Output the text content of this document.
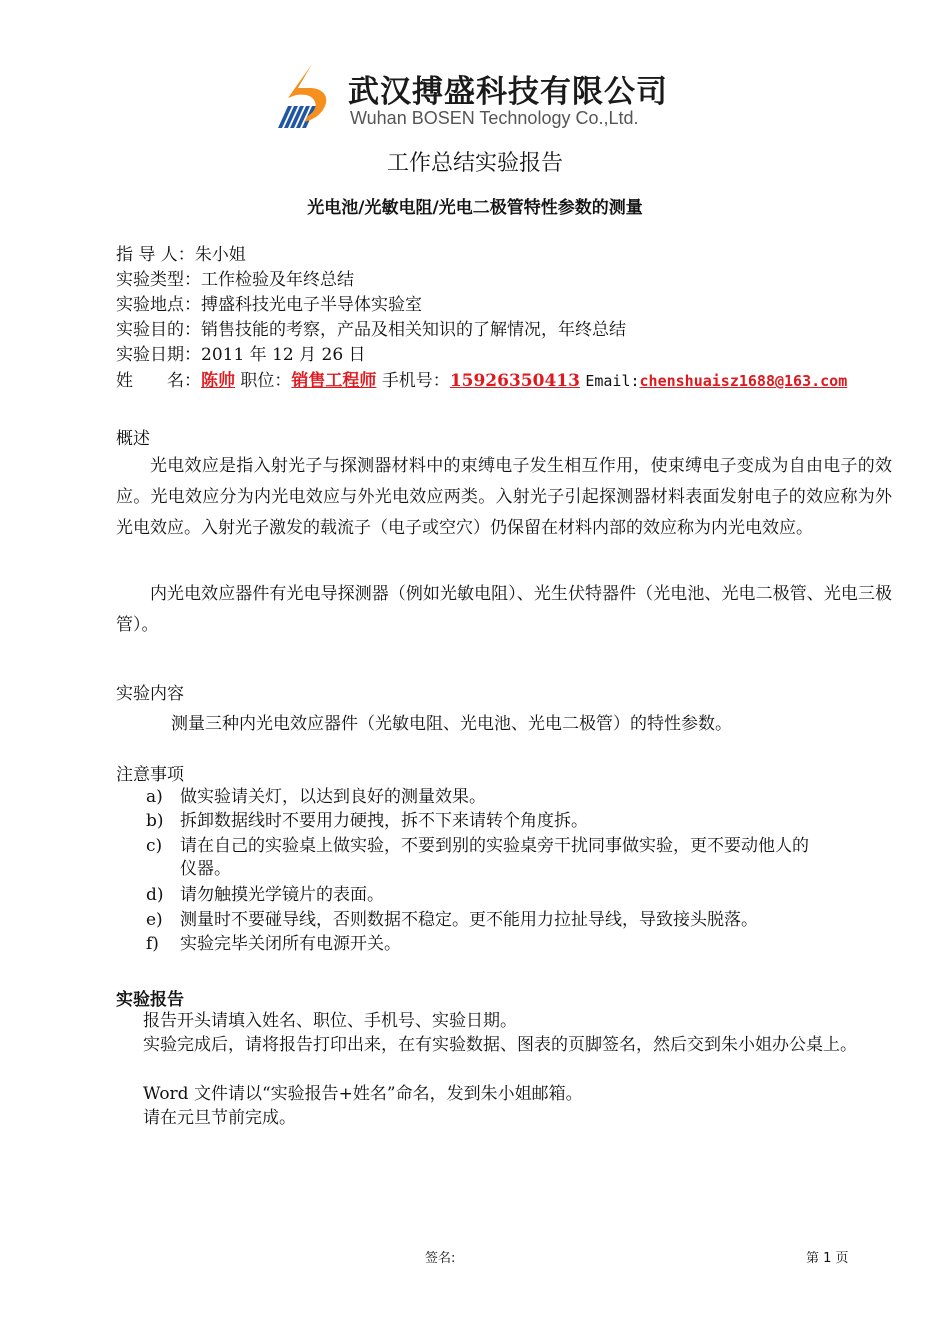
武汉搏盛科技有限公司
Wuhan BOSEN Technology Co.,Ltd.
工作总结实验报告
光电池/光敏电阻/光电二极管特性参数的测量
指 导 人：朱小姐
实验类型：工作检验及年终总结
实验地点：搏盛科技光电子半导体实验室
实验目的：销售技能的考察，产品及相关知识的了解情况，年终总结
实验日期：2011 年 12 月 26 日
姓　　名：陈帅 职位：销售工程师 手机号：15926350413 Email:chenshuaisz1688@163.com
概述
光电效应是指入射光子与探测器材料中的束缚电子发生相互作用，使束缚电子变成为自由电子的效应。光电效应分为内光电效应与外光电效应两类。入射光子引起探测器材料表面发射电子的效应称为外光电效应。入射光子激发的载流子（电子或空穴）仍保留在材料内部的效应称为内光电效应。
内光电效应器件有光电导探测器（例如光敏电阻）、光生伏特器件（光电池、光电二极管、光电三极管）。
实验内容
测量三种内光电效应器件（光敏电阻、光电池、光电二极管）的特性参数。
注意事项
a) 做实验请关灯，以达到良好的测量效果。
b) 拆卸数据线时不要用力硬拽，拆不下来请转个角度拆。
c) 请在自己的实验桌上做实验，不要到别的实验桌旁干扰同事做实验，更不要动他人的
仪器。
d) 请勿触摸光学镜片的表面。
e) 测量时不要碰导线，否则数据不稳定。更不能用力拉扯导线，导致接头脱落。
f) 实验完毕关闭所有电源开关。
实验报告
报告开头请填入姓名、职位、手机号、实验日期。
实验完成后，请将报告打印出来，在有实验数据、图表的页脚签名，然后交到朱小姐办公桌上。
Word 文件请以“实验报告+姓名”命名，发到朱小姐邮箱。
请在元旦节前完成。
签名:	第 1 页
